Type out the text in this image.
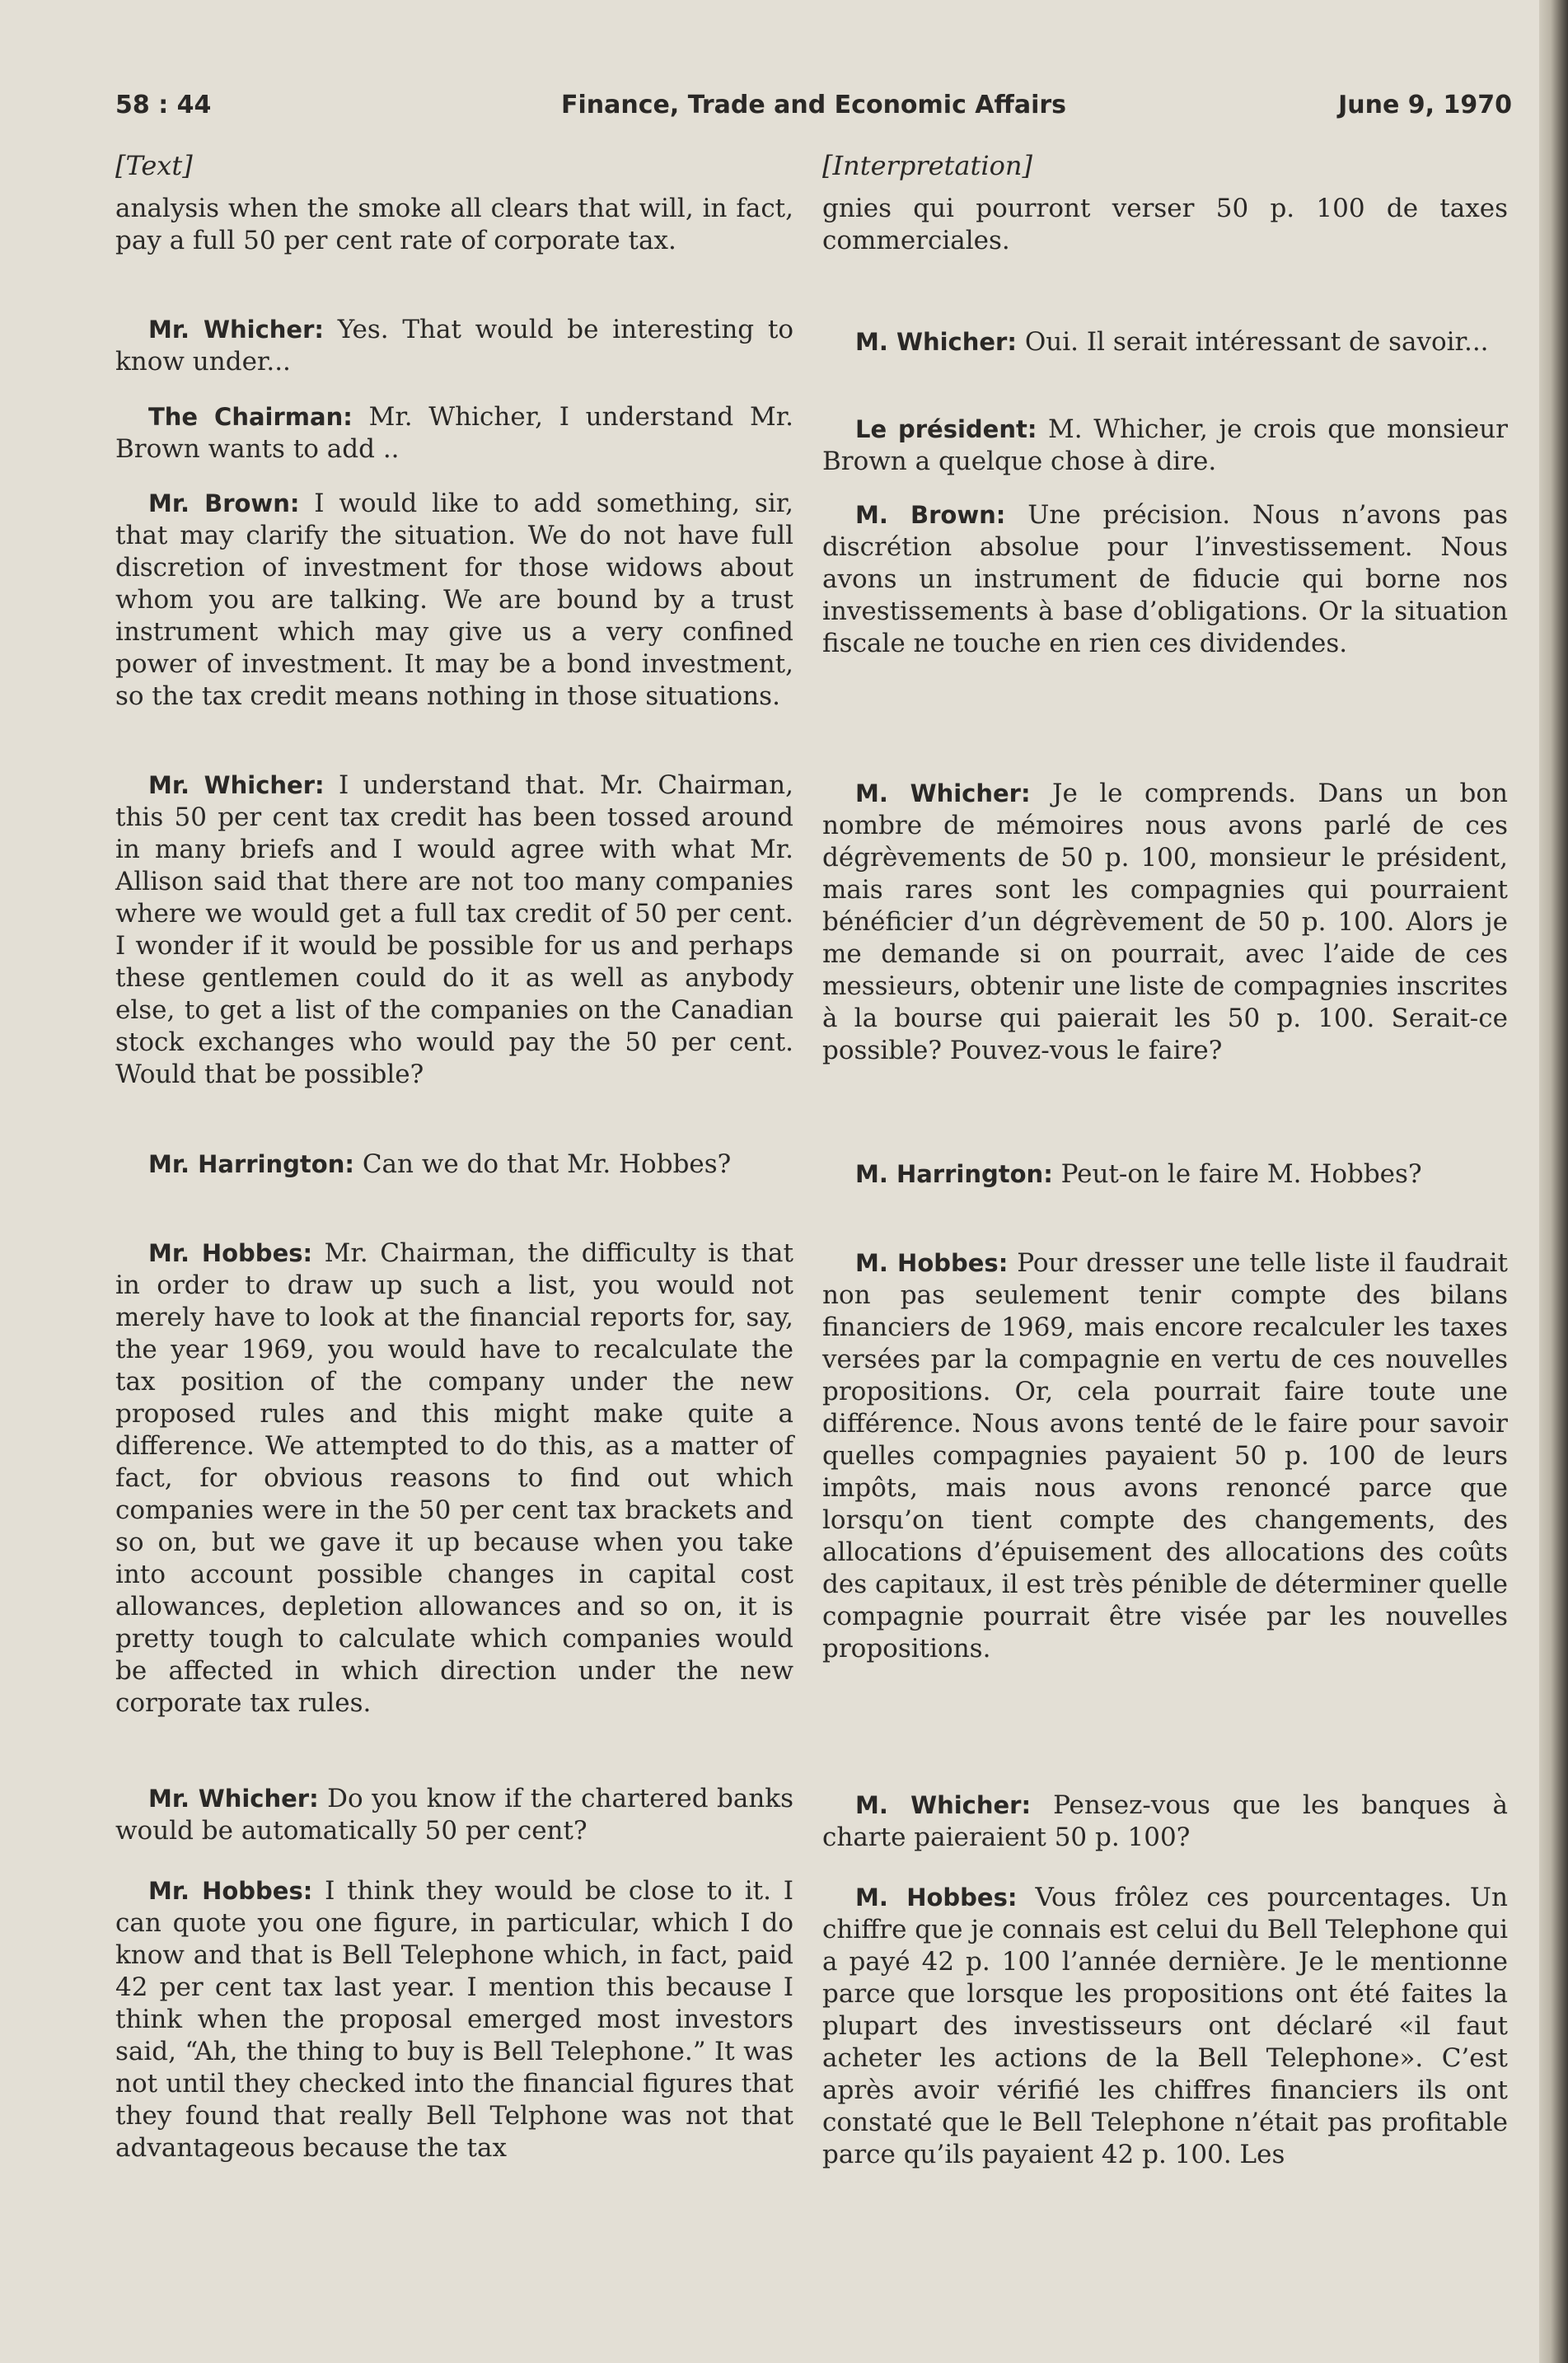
58 : 44	Finance, Trade and Economic Affairs	June 9, 1970

[Text]

analysis when the smoke all clears that will, in fact, pay a full 50 per cent rate of corporate tax.

Mr. Whicher: Yes. That would be interesting to know under...

The Chairman: Mr. Whicher, I understand Mr. Brown wants to add ..

Mr. Brown: I would like to add something, sir, that may clarify the situation. We do not have full discretion of investment for those widows about whom you are talking. We are bound by a trust instrument which may give us a very confined power of investment. It may be a bond investment, so the tax credit means nothing in those situations.

Mr. Whicher: I understand that. Mr. Chairman, this 50 per cent tax credit has been tossed around in many briefs and I would agree with what Mr. Allison said that there are not too many companies where we would get a full tax credit of 50 per cent. I wonder if it would be possible for us and perhaps these gentlemen could do it as well as anybody else, to get a list of the companies on the Canadian stock exchanges who would pay the 50 per cent. Would that be possible?

Mr. Harrington: Can we do that Mr. Hobbes?

Mr. Hobbes: Mr. Chairman, the difficulty is that in order to draw up such a list, you would not merely have to look at the financial reports for, say, the year 1969, you would have to recalculate the tax position of the company under the new proposed rules and this might make quite a difference. We attempted to do this, as a matter of fact, for obvious reasons to find out which companies were in the 50 per cent tax brackets and so on, but we gave it up because when you take into account possible changes in capital cost allowances, depletion allowances and so on, it is pretty tough to calculate which companies would be affected in which direction under the new corporate tax rules.

Mr. Whicher: Do you know if the chartered banks would be automatically 50 per cent?

Mr. Hobbes: I think they would be close to it. I can quote you one figure, in particular, which I do know and that is Bell Telephone which, in fact, paid 42 per cent tax last year. I mention this because I think when the proposal emerged most investors said, “Ah, the thing to buy is Bell Telephone.” It was not until they checked into the financial figures that they found that really Bell Telphone was not that advantageous because the tax

[Interpretation]

gnies qui pourront verser 50 p. 100 de taxes commerciales.

M. Whicher: Oui. Il serait intéressant de savoir...

Le président: M. Whicher, je crois que monsieur Brown a quelque chose à dire.

M. Brown: Une précision. Nous n’avons pas discrétion absolue pour l’investissement. Nous avons un instrument de fiducie qui borne nos investissements à base d’obligations. Or la situation fiscale ne touche en rien ces dividendes.

M. Whicher: Je le comprends. Dans un bon nombre de mémoires nous avons parlé de ces dégrèvements de 50 p. 100, monsieur le président, mais rares sont les compagnies qui pourraient bénéficier d’un dégrèvement de 50 p. 100. Alors je me demande si on pourrait, avec l’aide de ces messieurs, obtenir une liste de compagnies inscrites à la bourse qui paierait les 50 p. 100. Serait-ce possible? Pouvez-vous le faire?

M. Harrington: Peut-on le faire M. Hobbes?

M. Hobbes: Pour dresser une telle liste il faudrait non pas seulement tenir compte des bilans financiers de 1969, mais encore recalculer les taxes versées par la compagnie en vertu de ces nouvelles propositions. Or, cela pourrait faire toute une différence. Nous avons tenté de le faire pour savoir quelles compagnies payaient 50 p. 100 de leurs impôts, mais nous avons renoncé parce que lorsqu’on tient compte des changements, des allocations d’épuisement des allocations des coûts des capitaux, il est très pénible de déterminer quelle compagnie pourrait être visée par les nouvelles propositions.

M. Whicher: Pensez-vous que les banques à charte paieraient 50 p. 100?

M. Hobbes: Vous frôlez ces pourcentages. Un chiffre que je connais est celui du Bell Telephone qui a payé 42 p. 100 l’année dernière. Je le mentionne parce que lorsque les propositions ont été faites la plupart des investisseurs ont déclaré «il faut acheter les actions de la Bell Telephone». C’est après avoir vérifié les chiffres financiers ils ont constaté que le Bell Telephone n’était pas profitable parce qu’ils payaient 42 p. 100. Les
